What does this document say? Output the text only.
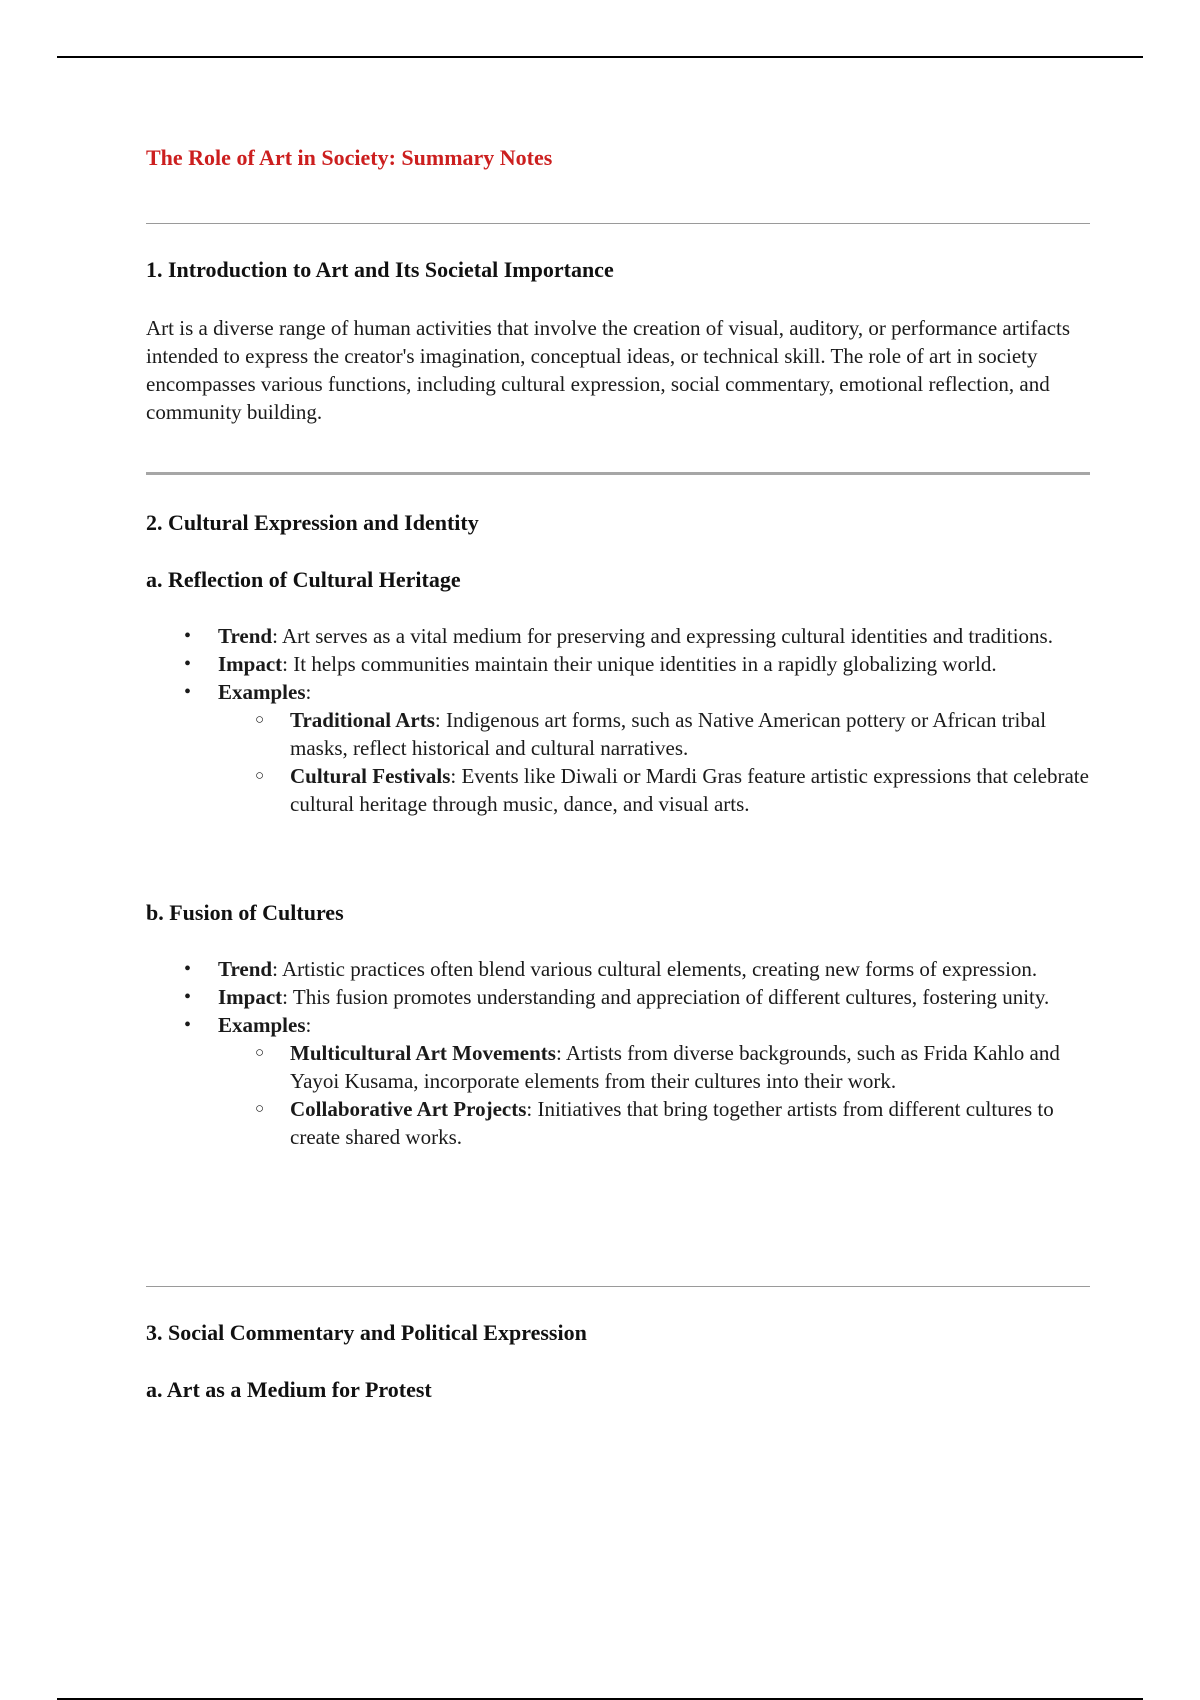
The Role of Art in Society: Summary Notes
1. Introduction to Art and Its Societal Importance

Art is a diverse range of human activities that involve the creation of visual, auditory, or performance artifacts intended to express the creator's imagination, conceptual ideas, or technical skill. The role of art in society encompasses various functions, including cultural expression, social commentary, emotional reflection, and community building.

2. Cultural Expression and Identity
a. Reflection of Cultural Heritage
• Trend: Art serves as a vital medium for preserving and expressing cultural identities and traditions.
• Impact: It helps communities maintain their unique identities in a rapidly globalizing world.
• Examples:
○ Traditional Arts: Indigenous art forms, such as Native American pottery or African tribal masks, reflect historical and cultural narratives.
○ Cultural Festivals: Events like Diwali or Mardi Gras feature artistic expressions that celebrate cultural heritage through music, dance, and visual arts.
b. Fusion of Cultures
• Trend: Artistic practices often blend various cultural elements, creating new forms of expression.
• Impact: This fusion promotes understanding and appreciation of different cultures, fostering unity.
• Examples:
○ Multicultural Art Movements: Artists from diverse backgrounds, such as Frida Kahlo and Yayoi Kusama, incorporate elements from their cultures into their work.
○ Collaborative Art Projects: Initiatives that bring together artists from different cultures to create shared works.
3. Social Commentary and Political Expression
a. Art as a Medium for Protest
